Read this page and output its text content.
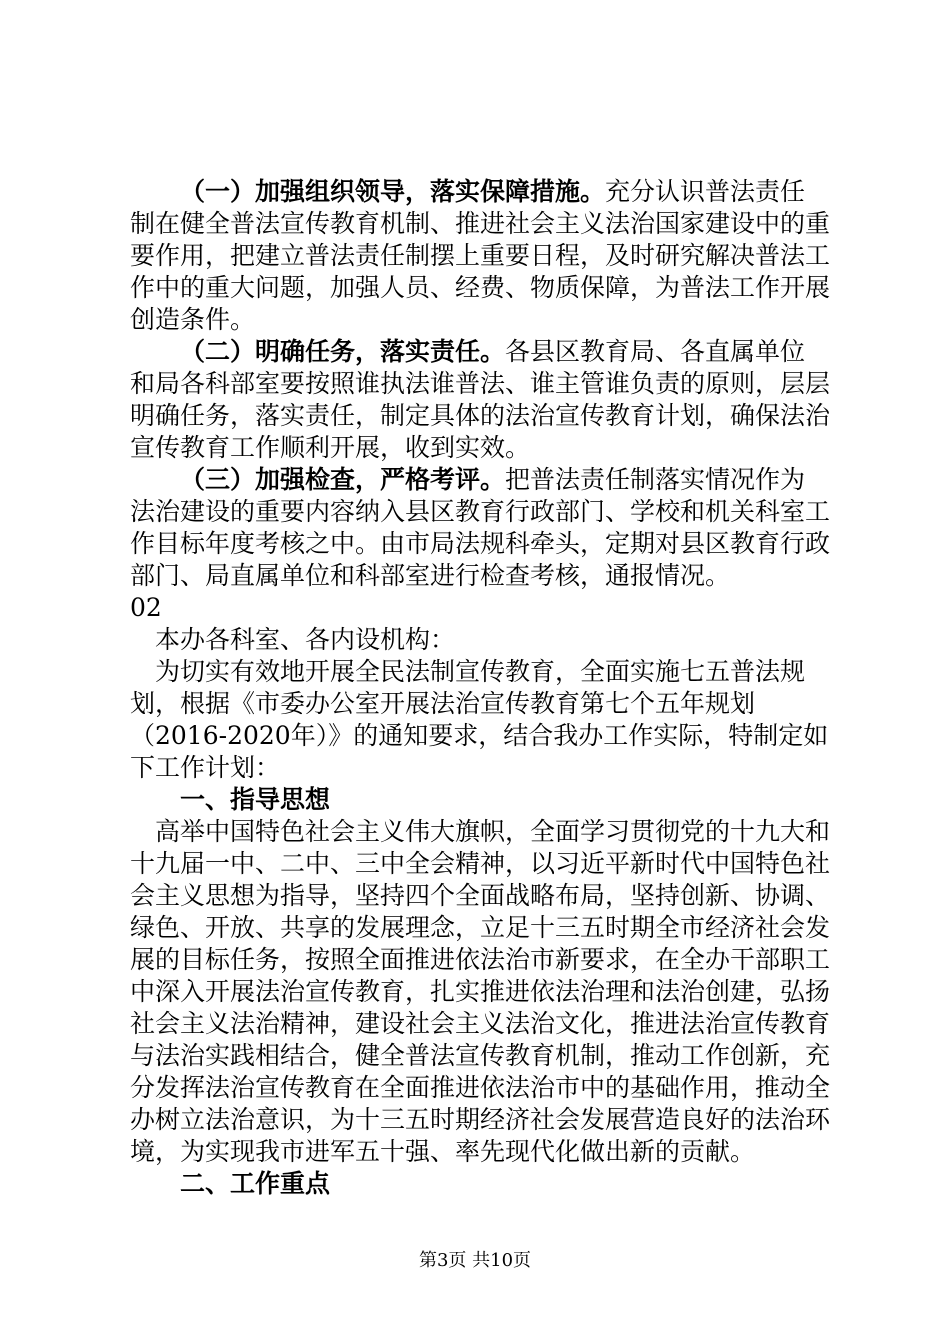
（一）加强组织领导，落实保障措施。充分认识普法责任制在健全普法宣传教育机制、推进社会主义法治国家建设中的重要作用，把建立普法责任制摆上重要日程，及时研究解决普法工作中的重大问题，加强人员、经费、物质保障，为普法工作开展创造条件。

（二）明确任务，落实责任。各县区教育局、各直属单位和局各科部室要按照谁执法谁普法、谁主管谁负责的原则，层层明确任务，落实责任，制定具体的法治宣传教育计划，确保法治宣传教育工作顺利开展，收到实效。

（三）加强检查，严格考评。把普法责任制落实情况作为法治建设的重要内容纳入县区教育行政部门、学校和机关科室工作目标年度考核之中。由市局法规科牵头，定期对县区教育行政部门、局直属单位和科部室进行检查考核，通报情况。

02

本办各科室、各内设机构：

为切实有效地开展全民法制宣传教育，全面实施七五普法规划，根据《市委办公室开展法治宣传教育第七个五年规划（2016-2020年）》的通知要求，结合我办工作实际，特制定如下工作计划：

一、指导思想

高举中国特色社会主义伟大旗帜，全面学习贯彻党的十九大和十九届一中、二中、三中全会精神，以习近平新时代中国特色社会主义思想为指导，坚持四个全面战略布局，坚持创新、协调、绿色、开放、共享的发展理念，立足十三五时期全市经济社会发展的目标任务，按照全面推进依法治市新要求，在全办干部职工中深入开展法治宣传教育，扎实推进依法治理和法治创建，弘扬社会主义法治精神，建设社会主义法治文化，推进法治宣传教育与法治实践相结合，健全普法宣传教育机制，推动工作创新，充分发挥法治宣传教育在全面推进依法治市中的基础作用，推动全办树立法治意识，为十三五时期经济社会发展营造良好的法治环境，为实现我市进军五十强、率先现代化做出新的贡献。

二、工作重点

第3页 共10页
